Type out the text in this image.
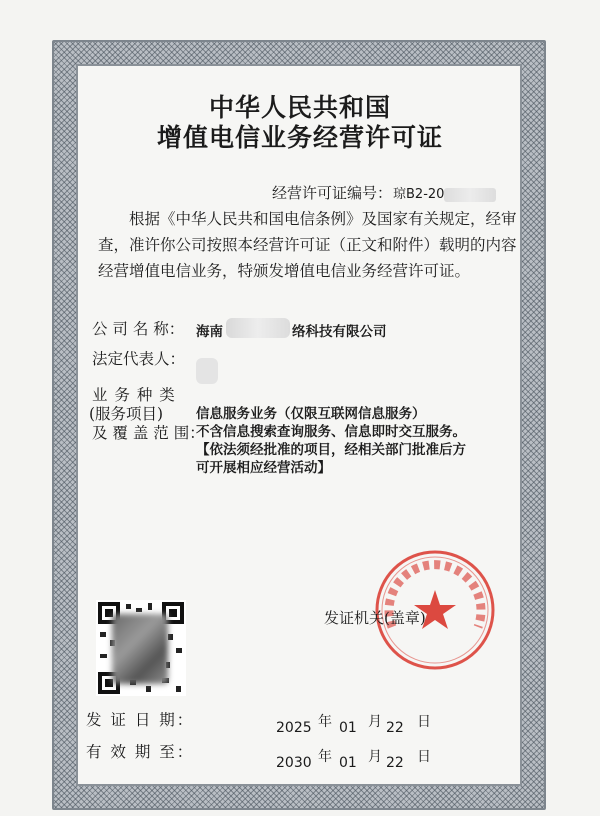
中华人民共和国
增值电信业务经营许可证
经营许可证编号： 琼B2-20
根据《中华人民共和国电信条例》及国家有关规定，经审查，准许你公司按照本经营许可证（正文和附件）载明的内容经营增值电信业务，特颁发增值电信业务经营许可证。
公 司 名 称： 海南	络科技有限公司
法定代表人：
业 务 种 类
(服务项目)
及 覆 盖 范 围：
信息服务业务（仅限互联网信息服务）
不含信息搜索查询服务、信息即时交互服务。
【依法须经批准的项目，经相关部门批准后方
可开展相应经营活动】
发证机关(盖章)
发 证 日 期：	2025 年 01 月 22 日
有 效 期 至：
2030 年 01 月 22 日
